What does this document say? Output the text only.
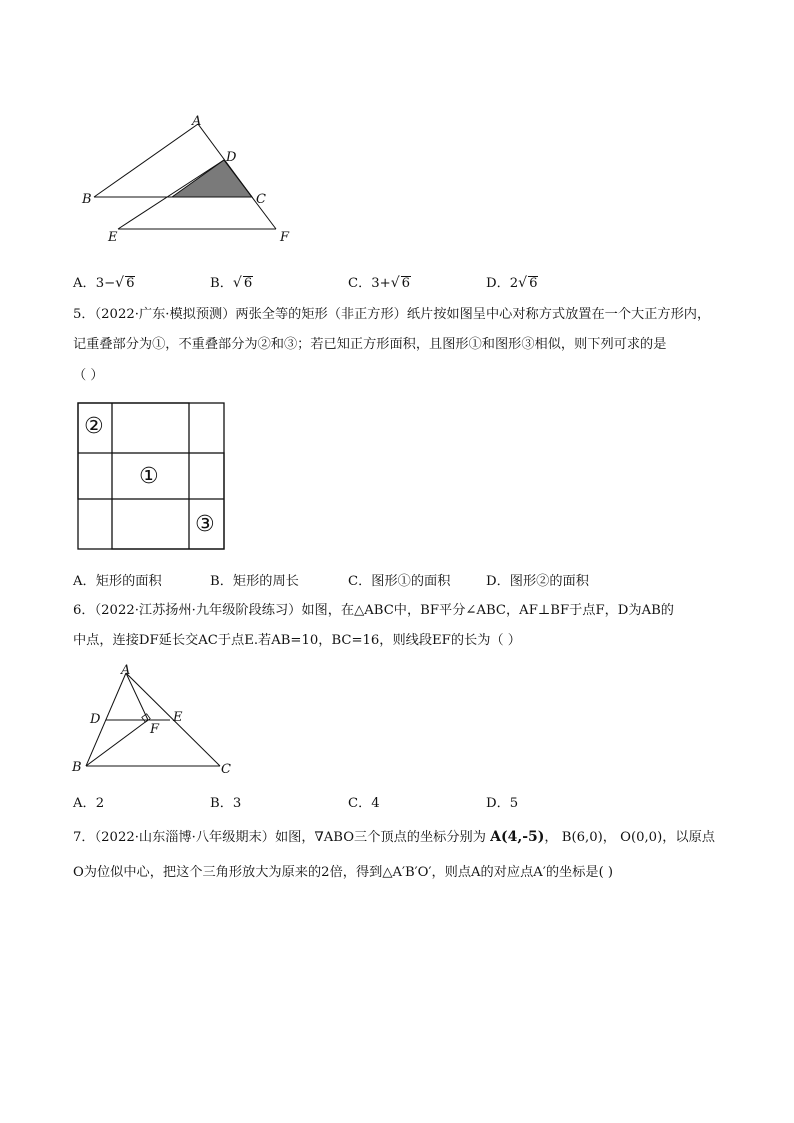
A
D
B	C
E	F
A．3−√ 6	B．√ 6	C．3+√ 6	D．2√ 6
5．（2022·广东·模拟预测）两张全等的矩形（非正方形）纸片按如图呈中心对称方式放置在一个大正方形内，
记重叠部分为①，不重叠部分为②和③；若已知正方形面积，且图形①和图形③相似，则下列可求的是
（ ）
②
①
③
A．矩形的面积	B．矩形的周长	C．图形①的面积	D．图形②的面积
6．（2022·江苏扬州·九年级阶段练习）如图，在△ABC中，BF平分∠ABC，AF⊥BF于点F，D为AB的
中点，连接DF延长交AC于点E.若AB=10，BC=16，则线段EF的长为（ ）
A
D	E
F
B	C
A．2	B．3	C．4	D．5
7．（2022·山东淄博·八年级期末）如图，∇ABO三个顶点的坐标分别为 A(4,-5)， B(6,0)， O(0,0)，以原点
O为位似中心，把这个三角形放大为原来的2倍，得到△A′B′O′，则点A的对应点A′的坐标是( )
